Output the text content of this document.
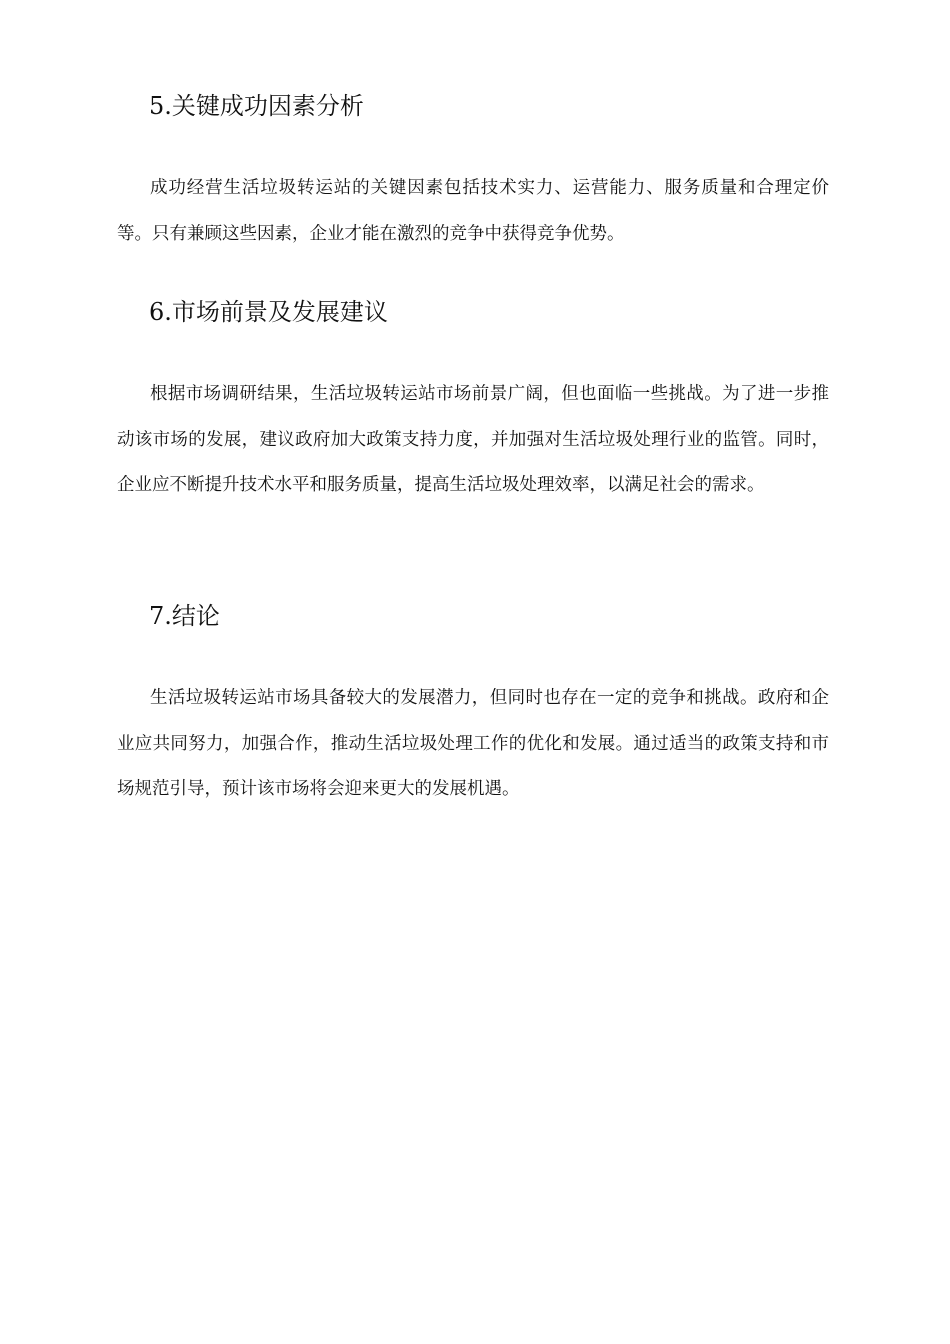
5.关键成功因素分析

成功经营生活垃圾转运站的关键因素包括技术实力、运营能力、服务质量和合理定价等。只有兼顾这些因素，企业才能在激烈的竞争中获得竞争优势。

6.市场前景及发展建议

根据市场调研结果，生活垃圾转运站市场前景广阔，但也面临一些挑战。为了进一步推动该市场的发展，建议政府加大政策支持力度，并加强对生活垃圾处理行业的监管。同时，企业应不断提升技术水平和服务质量，提高生活垃圾处理效率，以满足社会的需求。

7.结论

生活垃圾转运站市场具备较大的发展潜力，但同时也存在一定的竞争和挑战。政府和企业应共同努力，加强合作，推动生活垃圾处理工作的优化和发展。通过适当的政策支持和市场规范引导，预计该市场将会迎来更大的发展机遇。
